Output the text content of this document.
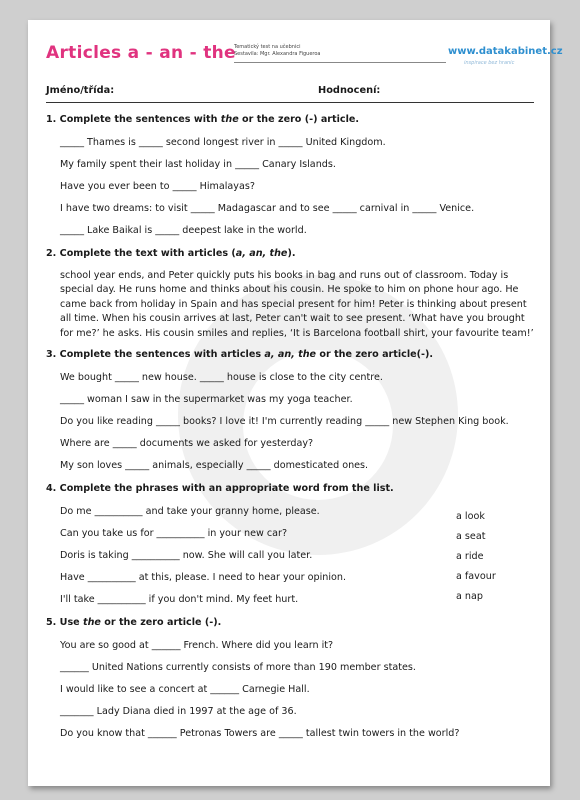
Articles a - an - the
Tematický test na učebnici
Sestavila: Mgr. Alexandra Figueroa	www.datakabinet.cz
inspirace bez hranic
Jméno/třída:	Hodnocení:
1. Complete the sentences with the or the zero (-) article.
_____ Thames is _____ second longest river in _____ United Kingdom.
My family spent their last holiday in _____ Canary Islands.
Have you ever been to _____ Himalayas?
I have two dreams: to visit _____ Madagascar and to see _____ carnival in _____ Venice.
_____ Lake Baikal is _____ deepest lake in the world.
2. Complete the text with articles (a, an, the).
school year ends, and Peter quickly puts his books in bag and runs out of classroom. Today is special day. He runs home and thinks about his cousin. He spoke to him on phone hour ago. He came back from holiday in Spain and has special present for him! Peter is thinking about present all time. When his cousin arrives at last, Peter can't wait to see present. ‘What have you brought for me?’ he asks. His cousin smiles and replies, ‘It is Barcelona football shirt, your favourite team!’
3. Complete the sentences with articles a, an, the or the zero article(-).
We bought _____ new house. _____ house is close to the city centre.
_____ woman I saw in the supermarket was my yoga teacher.
Do you like reading _____ books? I love it! I'm currently reading _____ new Stephen King book.
Where are _____ documents we asked for yesterday?
My son loves _____ animals, especially _____ domesticated ones.
4. Complete the phrases with an appropriate word from the list.
Do me __________ and take your granny home, please.
Can you take us for __________ in your new car?
Doris is taking __________ now. She will call you later.
Have __________ at this, please. I need to hear your opinion.
I'll take __________ if you don't mind. My feet hurt.
a look
a seat
a ride
a favour
a nap
5. Use the or the zero article (-).
You are so good at ______ French. Where did you learn it?
______ United Nations currently consists of more than 190 member states.
I would like to see a concert at ______ Carnegie Hall.
_______ Lady Diana died in 1997 at the age of 36.
Do you know that ______ Petronas Towers are _____ tallest twin towers in the world?
